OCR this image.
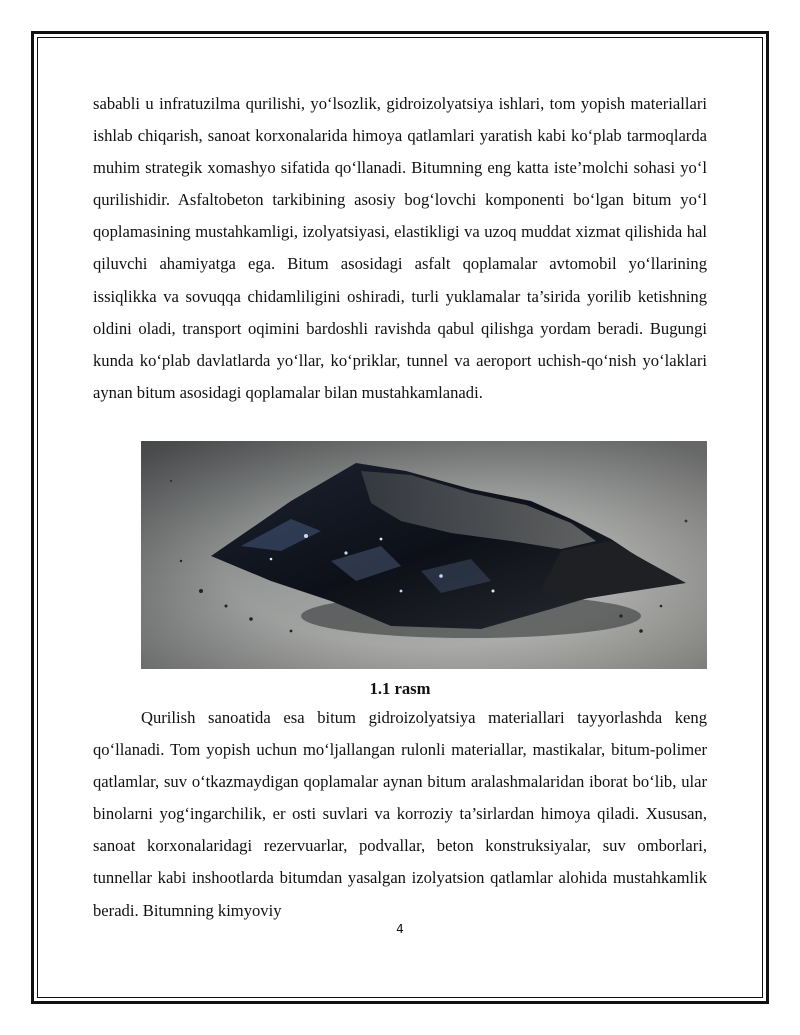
sababli u infratuzilma qurilishi, yo‘lsozlik, gidroizolyatsiya ishlari, tom yopish materiallari ishlab chiqarish, sanoat korxonalarida himoya qatlamlari yaratish kabi ko‘plab tarmoqlarda muhim strategik xomashyo sifatida qo‘llanadi. Bitumning eng katta iste’molchi sohasi yo‘l qurilishidir. Asfaltobeton tarkibining asosiy bog‘lovchi komponenti bo‘lgan bitum yo‘l qoplamasining mustahkamligi, izolyatsiyasi, elastikligi va uzoq muddat xizmat qilishida hal qiluvchi ahamiyatga ega. Bitum asosidagi asfalt qoplamalar avtomobil yo‘llarining issiqlikka va sovuqqa chidamliligini oshiradi, turli yuklamalar ta’sirida yorilib ketishning oldini oladi, transport oqimini bardoshli ravishda qabul qilishga yordam beradi. Bugungi kunda ko‘plab davlatlarda yo‘llar, ko‘priklar, tunnel va aeroport uchish-qo‘nish yo‘laklari aynan bitum asosidagi qoplamalar bilan mustahkamlanadi.

1.1 rasm

Qurilish sanoatida esa bitum gidroizolyatsiya materiallari tayyorlashda keng qo‘llanadi. Tom yopish uchun mo‘ljallangan rulonli materiallar, mastikalar, bitum-polimer qatlamlar, suv o‘tkazmaydigan qoplamalar aynan bitum aralashmalaridan iborat bo‘lib, ular binolarni yog‘ingarchilik, er osti suvlari va korroziy ta’sirlardan himoya qiladi. Xususan, sanoat korxonalaridagi rezervuarlar, podvallar, beton konstruksiyalar, suv omborlari, tunnellar kabi inshootlarda bitumdan yasalgan izolyatsion qatlamlar alohida mustahkamlik beradi. Bitumning kimyoviy

4
